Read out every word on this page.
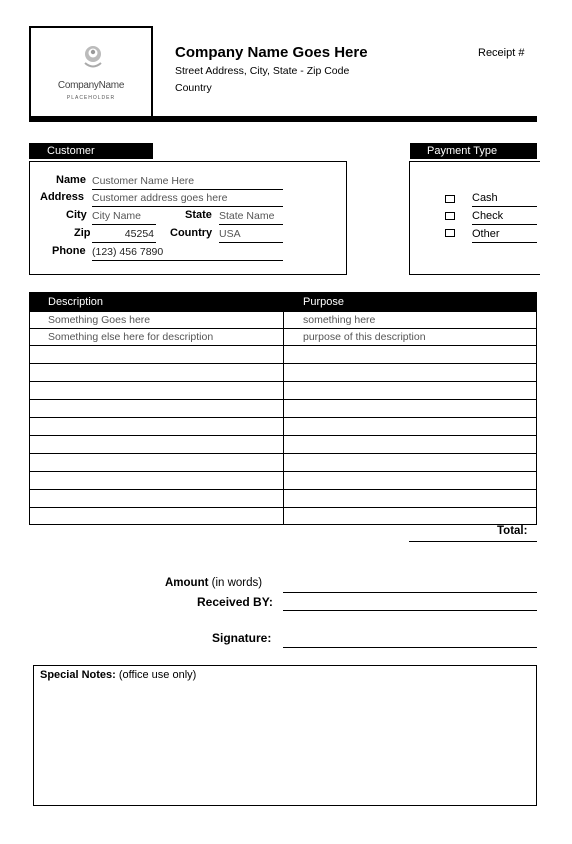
CompanyName
PLACEHOLDER
Company Name Goes Here
Street Address, City, State - Zip Code
Country
Receipt #
Customer
Name Customer Name Here
Address Customer address goes here
City City Name	State State Name
Zip	45254 Country USA
Phone (123) 456 7890
Payment Type
Cash
Check
Other
Description	Purpose
Something Goes here	something here
Something else here for description	purpose of this description
Total:
Amount (in words)
Received BY:
Signature:
Special Notes: (office use only)
